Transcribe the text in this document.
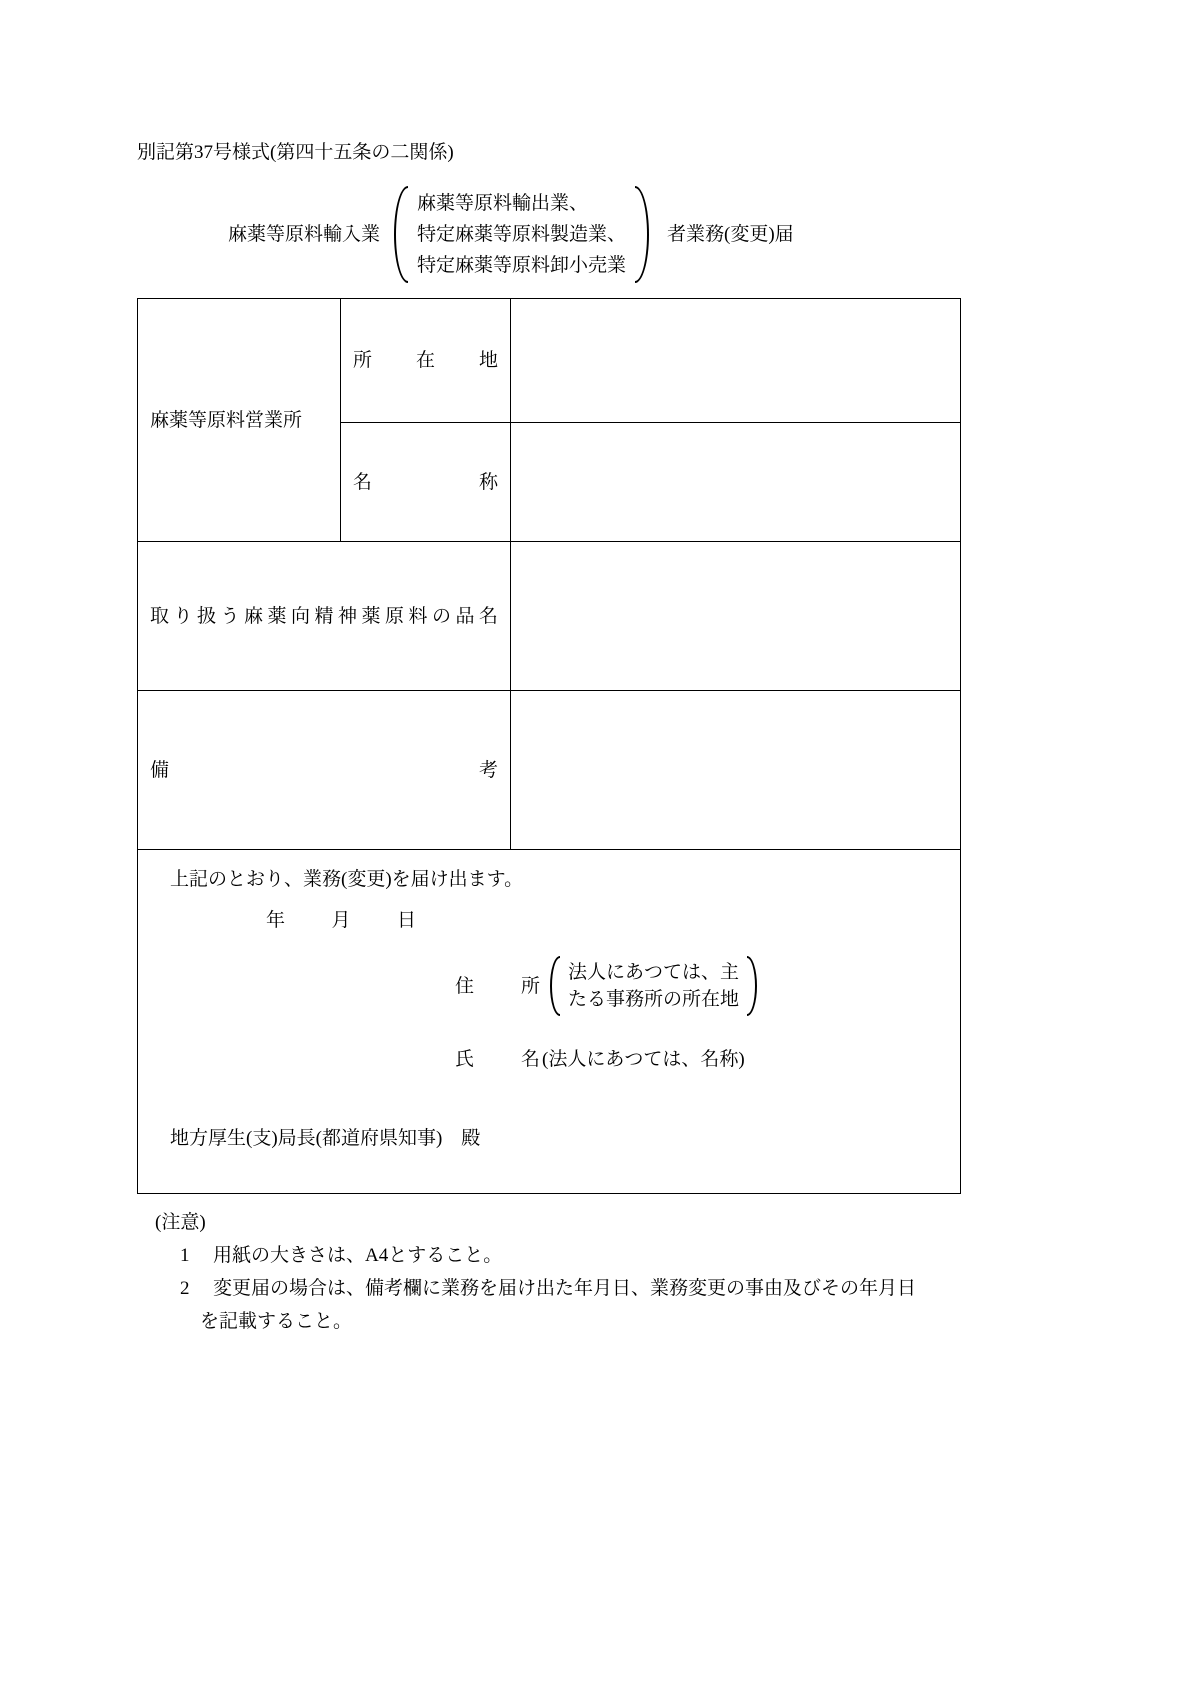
別記第37号様式(第四十五条の二関係)
麻薬等原料輸入業
麻薬等原料輸出業、
特定麻薬等原料製造業、
特定麻薬等原料卸小売業
者業務(変更)届
麻薬等原料営業所	所在地	
	名称	
取り扱う麻薬向精神薬原料の品名		
備考		

上記のとおり、業務(変更)を届け出ます。
年月日
住所
法人にあつては、主
たる事務所の所在地
氏名 (法人にあつては、名称)
地方厚生(支)局長(都道府県知事)　殿
(注意)
1	用紙の大きさは、A4とすること。
2	変更届の場合は、備考欄に業務を届け出た年月日、業務変更の事由及びその年月日
を記載すること。
